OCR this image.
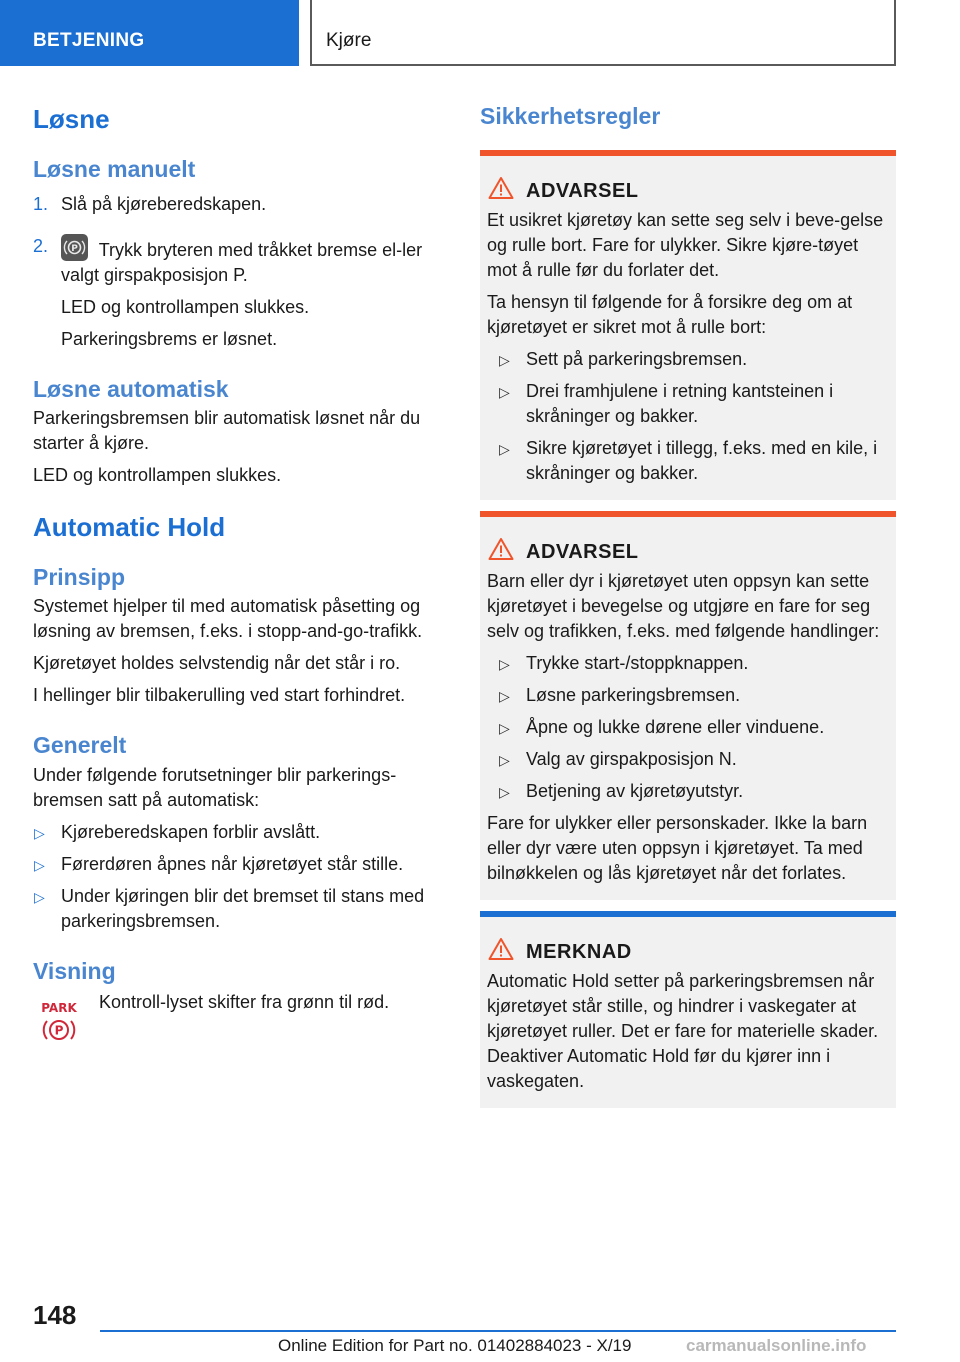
BETJENING	Kjøre
Løsne
Løsne manuelt
1. Slå på kjøreberedskapen.
2.	P Trykk bryteren med tråkket bremse el-ler valgt girspakposisjon P.

LED og kontrollampen slukkes.

Parkeringsbrems er løsnet.

Løsne automatisk

Parkeringsbremsen blir automatisk løsnet når du starter å kjøre.

LED og kontrollampen slukkes.

Automatic Hold
Prinsipp

Systemet hjelper til med automatisk påsetting og løsning av bremsen, f.eks. i stopp-and-go-trafikk.

Kjøretøyet holdes selvstendig når det står i ro.

I hellinger blir tilbakerulling ved start forhindret.

Generelt

Under følgende forutsetninger blir parkerings-bremsen satt på automatisk:

▷ Kjøreberedskapen forblir avslått.
▷ Førerdøren åpnes når kjøretøyet står stille.
▷ Under kjøringen blir det bremset til stans med parkeringsbremsen.
Visning
PARK
P

Kontroll-lyset skifter fra grønn til rød.

Sikkerhetsregler
ADVARSEL

Et usikret kjøretøy kan sette seg selv i beve-gelse og rulle bort. Fare for ulykker. Sikre kjøre-tøyet mot å rulle før du forlater det.

Ta hensyn til følgende for å forsikre deg om at kjøretøyet er sikret mot å rulle bort:

▷ Sett på parkeringsbremsen.
▷ Drei framhjulene i retning kantsteinen i skråninger og bakker.
▷ Sikre kjøretøyet i tillegg, f.eks. med en kile, i skråninger og bakker.
ADVARSEL

Barn eller dyr i kjøretøyet uten oppsyn kan sette kjøretøyet i bevegelse og utgjøre en fare for seg selv og trafikken, f.eks. med følgende handlinger:

▷ Trykke start-/stoppknappen.
▷ Løsne parkeringsbremsen.
▷ Åpne og lukke dørene eller vinduene.
▷ Valg av girspakposisjon N.
▷ Betjening av kjøretøyutstyr.

Fare for ulykker eller personskader. Ikke la barn eller dyr være uten oppsyn i kjøretøyet. Ta med bilnøkkelen og lås kjøretøyet når det forlates.

MERKNAD

Automatic Hold setter på parkeringsbremsen når kjøretøyet står stille, og hindrer i vaskegater at kjøretøyet ruller. Det er fare for materielle skader. Deaktiver Automatic Hold før du kjører inn i vaskegaten.

148
Online Edition for Part no. 01402884023 - X/19	carmanualsonline.info
